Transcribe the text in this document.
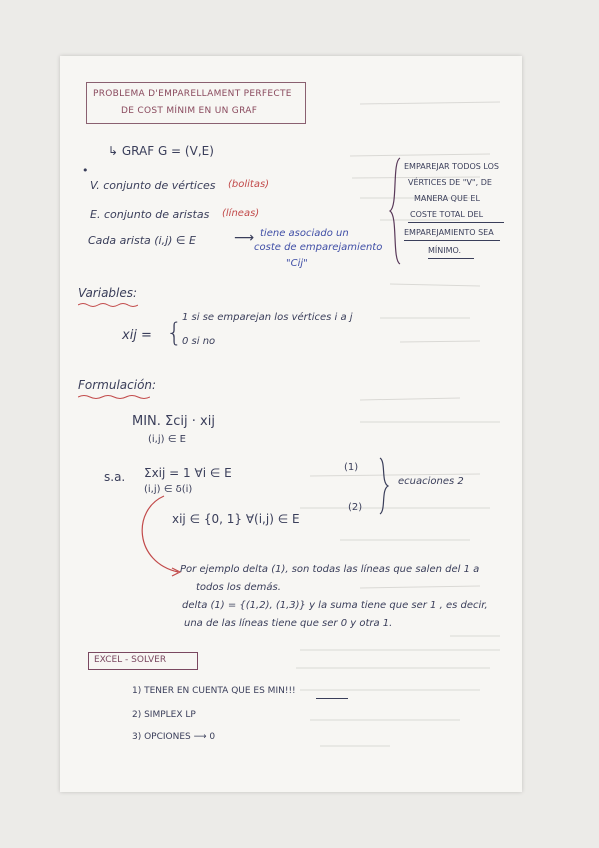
PROBLEMA D'EMPARELLAMENT PERFECTE
DE COST MÍNIM EN UN GRAF
↳ GRAF G = (V,E)
•
V. conjunto de vértices (bolitas)
E. conjunto de aristas (líneas)
Cada arista (i,j) ∈ E	⟶ tiene asociado un
coste de emparejamiento
"Cij"
EMPAREJAR TODOS LOS
VÉRTICES DE "V", DE
MANERA QUE EL
COSTE TOTAL DEL
EMPAREJAMIENTO SEA
MÍNIMO.
Variables:
xij = {
1 si se emparejan los vértices i a j
0 si no
Formulación:
MIN. Σcij · xij
(i,j) ∈ E
s.a. Σxij = 1 ∀i ∈ E
(i,j) ∈ δ(i)
(1)
xij ∈ {0, 1} ∀(i,j) ∈ E
(2)
ecuaciones 2
Por ejemplo delta (1), son todas las líneas que salen del 1 a
todos los demás.
delta (1) = {(1,2), (1,3)} y la suma tiene que ser 1 , es decir,
una de las líneas tiene que ser 0 y otra 1.
EXCEL - SOLVER
1) TENER EN CUENTA QUE ES MIN!!!
2) SIMPLEX LP
3) OPCIONES ⟶ 0
